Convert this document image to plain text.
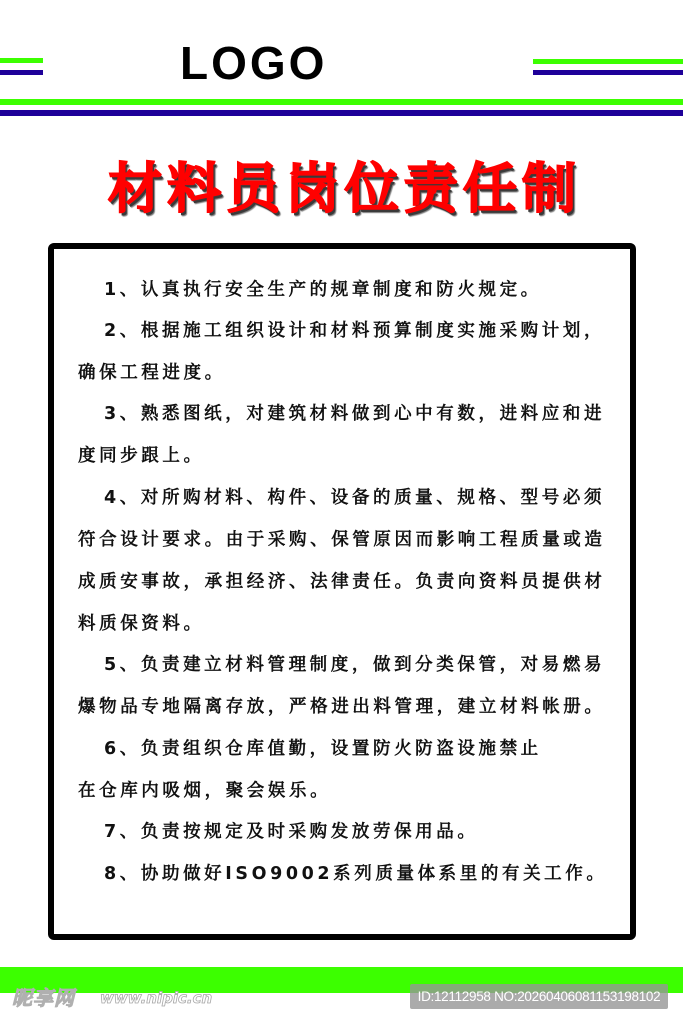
LOGO
材 料 员 岗 位 责 任 制
1、认真执行安全生产的规章制度和防火规定。
2、根据施工组织设计和材料预算制度实施采购计划，
确保工程进度。
3、熟悉图纸，对建筑材料做到心中有数，进料应和进
度同步跟上。
4、对所购材料、构件、设备的质量、规格、型号必须
符合设计要求。由于采购、保管原因而影响工程质量或造
成质安事故，承担经济、法律责任。负责向资料员提供材
料质保资料。
5、负责建立材料管理制度，做到分类保管，对易燃易
爆物品专地隔离存放，严格进出料管理，建立材料帐册。
6、负责组织仓库值勤，设置防火防盗设施禁止
在仓库内吸烟，聚会娱乐。
7、负责按规定及时采购发放劳保用品。
8、协助做好ISO9002系列质量体系里的有关工作。
昵享网 www.nipic.cn	ID:12112958 NO:20260406081153198102
